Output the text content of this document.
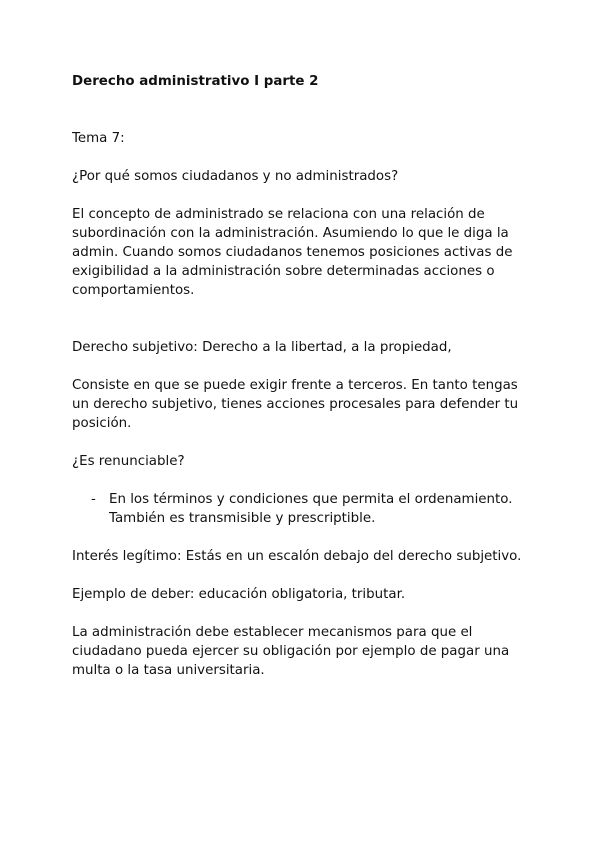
Derecho administrativo I parte 2

Tema 7:

¿Por qué somos ciudadanos y no administrados?

El concepto de administrado se relaciona con una relación de subordinación con la administración. Asumiendo lo que le diga la admin. Cuando somos ciudadanos tenemos posiciones activas de exigibilidad a la administración sobre determinadas acciones o comportamientos.

Derecho subjetivo: Derecho a la libertad, a la propiedad,

Consiste en que se puede exigir frente a terceros. En tanto tengas un derecho subjetivo, tienes acciones procesales para defender tu posición.

¿Es renunciable?

- En los términos y condiciones que permita el ordenamiento. También es transmisible y prescriptible.

Interés legítimo: Estás en un escalón debajo del derecho subjetivo.

Ejemplo de deber: educación obligatoria, tributar.

La administración debe establecer mecanismos para que el ciudadano pueda ejercer su obligación por ejemplo de pagar una multa o la tasa universitaria.
